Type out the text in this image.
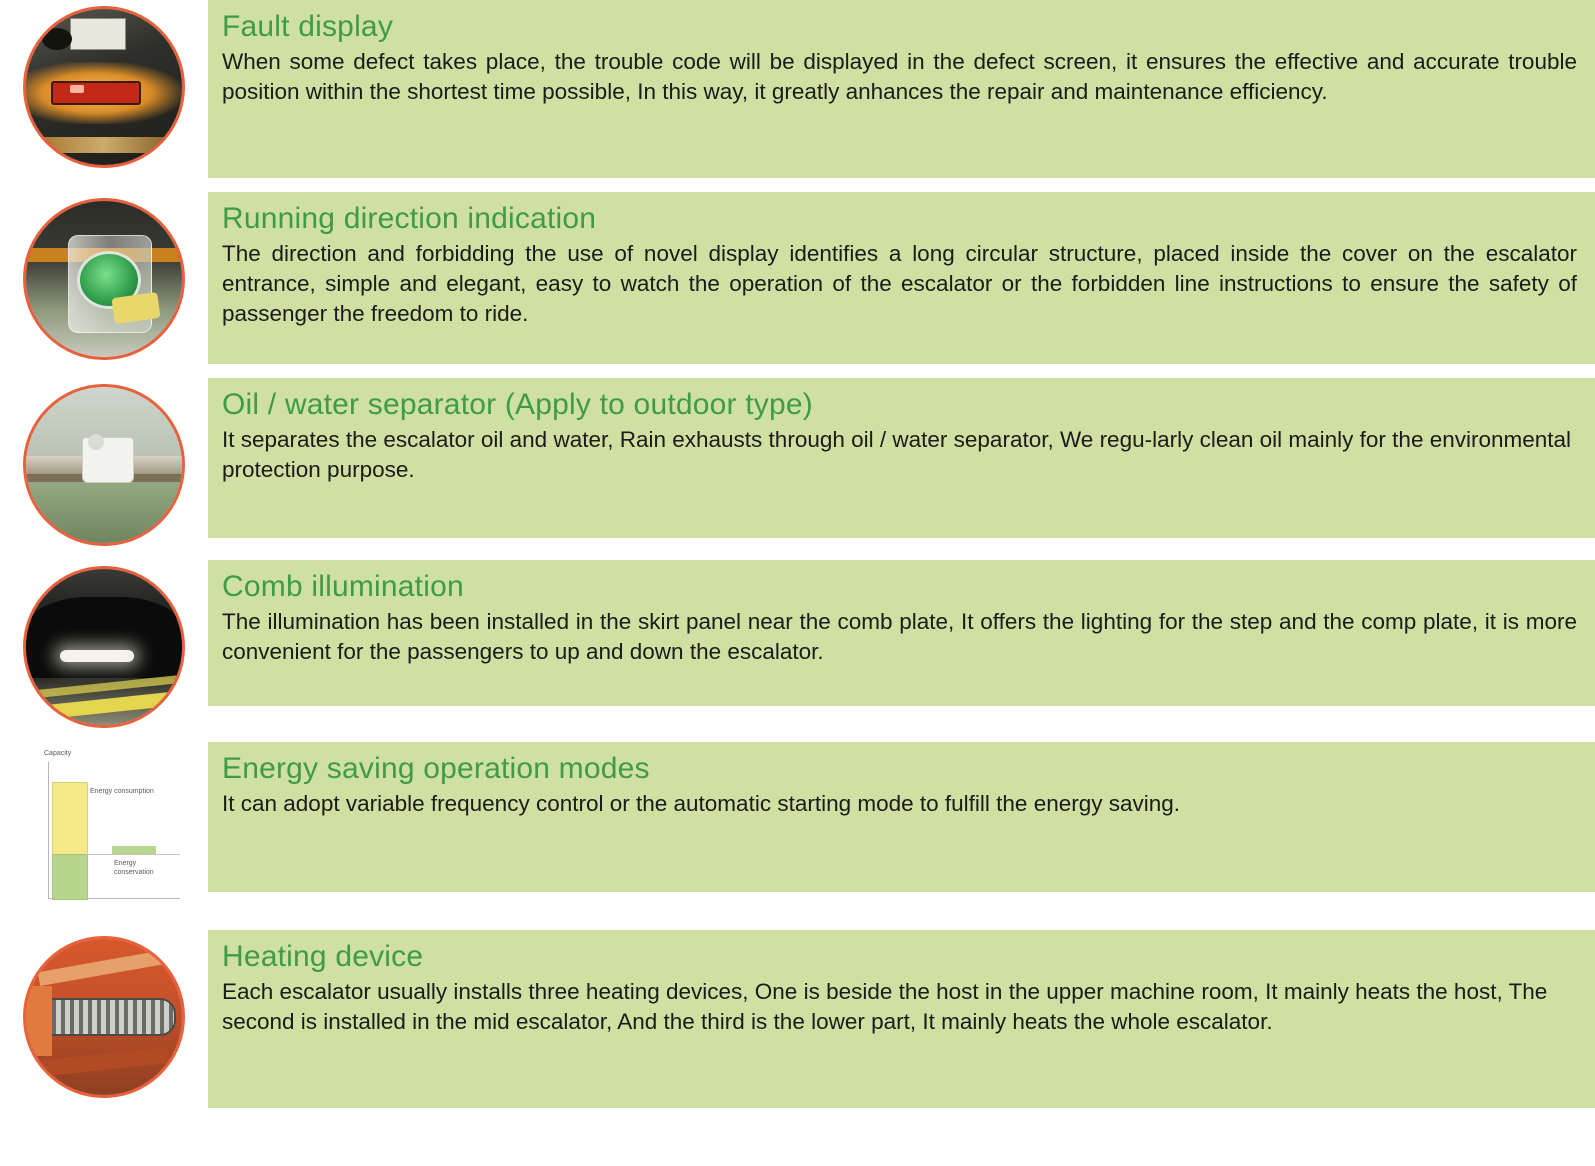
Fault display

When some defect takes place, the trouble code will be displayed in the defect screen, it ensures the effective and accurate trouble position within the shortest time possible, In this way, it greatly anhances the repair and maintenance efficiency.

Running direction indication

The direction and forbidding the use of novel display identifies a long circular structure, placed inside the cover on the escalator entrance, simple and elegant, easy to watch the operation of the escalator or the forbidden line instructions to ensure the safety of passenger the freedom to ride.

Oil / water separator (Apply to outdoor type)

It separates the escalator oil and water, Rain exhausts through oil / water separator, We regu-larly clean oil mainly for the environmental protection purpose.

Comb illumination

The illumination has been installed in the skirt panel near the comb plate, It offers the lighting for the step and the comp plate, it is more convenient for the passengers to up and down the escalator.

Capacity
Energy consumption
Energy conservation
Energy saving operation modes

It can adopt variable frequency control or the automatic starting mode to fulfill the energy saving.

Heating device

Each escalator usually installs three heating devices, One is beside the host in the upper machine room, It mainly heats the host, The second is installed in the mid escalator, And the third is the lower part, It mainly heats the whole escalator.
